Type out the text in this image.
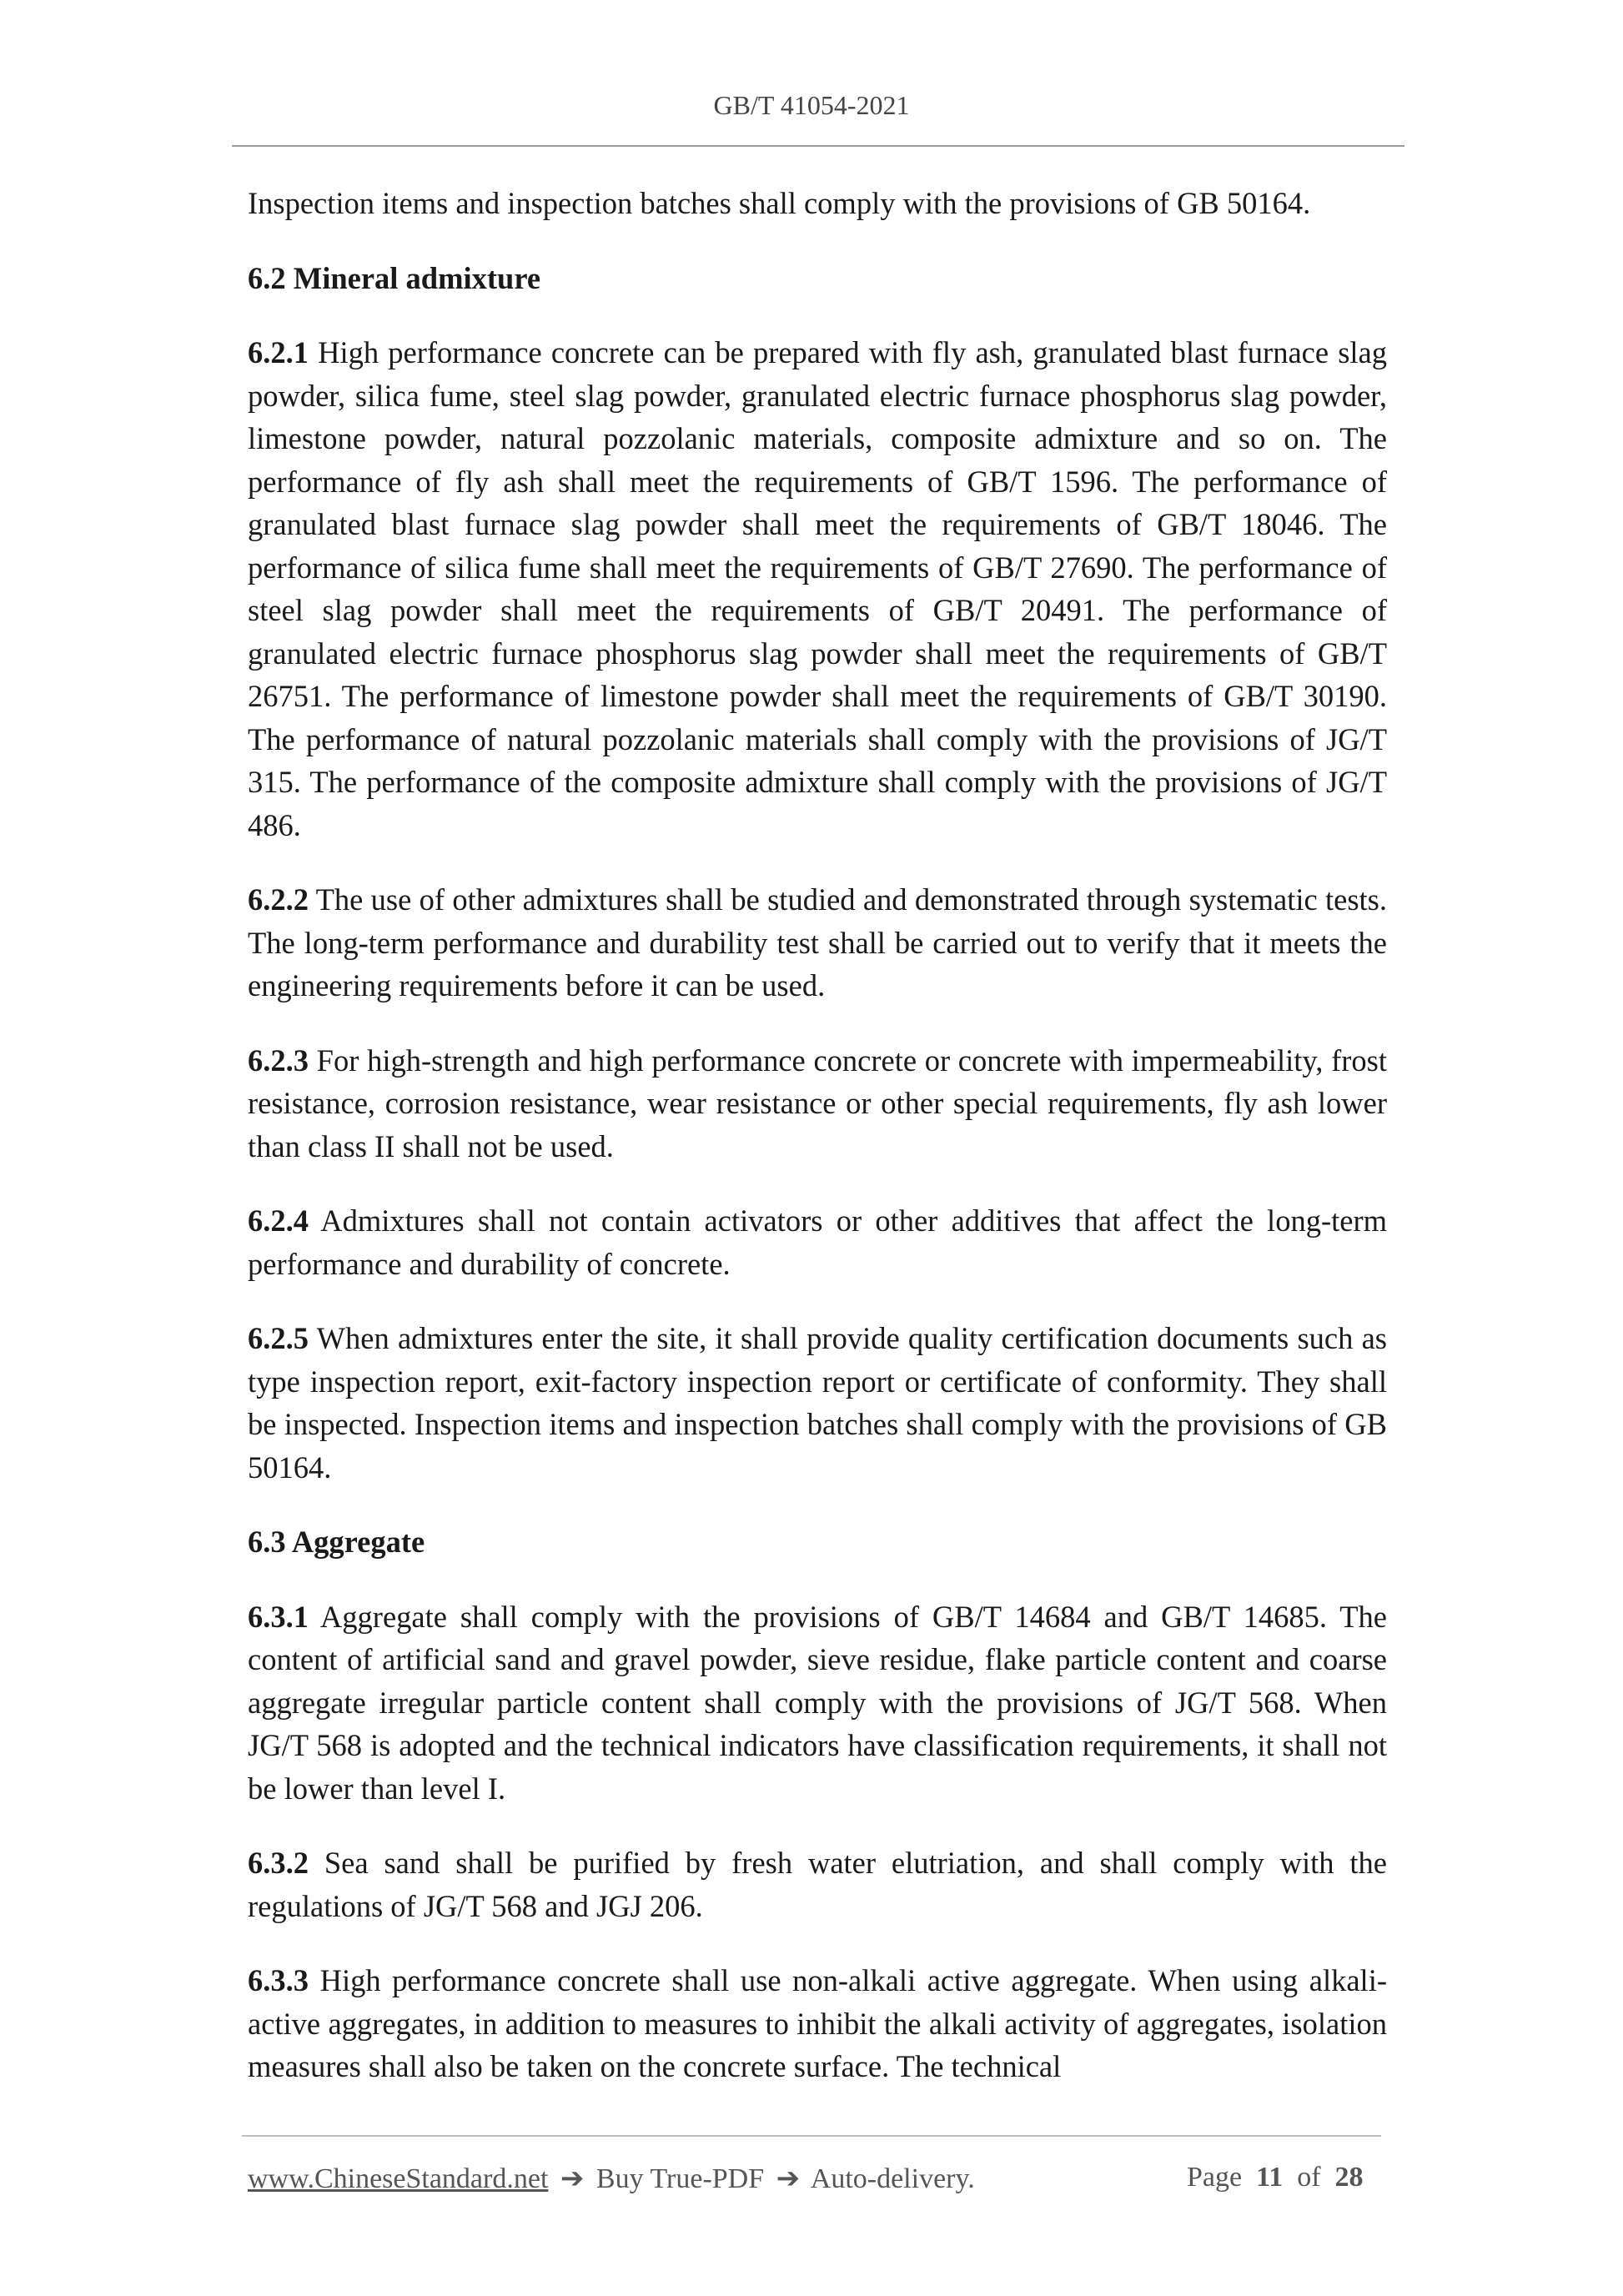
GB/T 41054-2021

Inspection items and inspection batches shall comply with the provisions of GB 50164.

6.2 Mineral admixture

6.2.1 High performance concrete can be prepared with fly ash, granulated blast furnace slag powder, silica fume, steel slag powder, granulated electric furnace phosphorus slag powder, limestone powder, natural pozzolanic materials, composite admixture and so on. The performance of fly ash shall meet the requirements of GB/T 1596. The performance of granulated blast furnace slag powder shall meet the requirements of GB/T 18046. The performance of silica fume shall meet the requirements of GB/T 27690. The performance of steel slag powder shall meet the requirements of GB/T 20491. The performance of granulated electric furnace phosphorus slag powder shall meet the requirements of GB/T 26751. The performance of limestone powder shall meet the requirements of GB/T 30190. The performance of natural pozzolanic materials shall comply with the provisions of JG/T 315. The performance of the composite admixture shall comply with the provisions of JG/T 486.

6.2.2 The use of other admixtures shall be studied and demonstrated through systematic tests. The long-term performance and durability test shall be carried out to verify that it meets the engineering requirements before it can be used.

6.2.3 For high-strength and high performance concrete or concrete with impermeability, frost resistance, corrosion resistance, wear resistance or other special requirements, fly ash lower than class II shall not be used.

6.2.4 Admixtures shall not contain activators or other additives that affect the long-term performance and durability of concrete.

6.2.5 When admixtures enter the site, it shall provide quality certification documents such as type inspection report, exit-factory inspection report or certificate of conformity. They shall be inspected. Inspection items and inspection batches shall comply with the provisions of GB 50164.

6.3 Aggregate

6.3.1 Aggregate shall comply with the provisions of GB/T 14684 and GB/T 14685. The content of artificial sand and gravel powder, sieve residue, flake particle content and coarse aggregate irregular particle content shall comply with the provisions of JG/T 568. When JG/T 568 is adopted and the technical indicators have classification requirements, it shall not be lower than level I.

6.3.2 Sea sand shall be purified by fresh water elutriation, and shall comply with the regulations of JG/T 568 and JGJ 206.

6.3.3 High performance concrete shall use non-alkali active aggregate. When using alkali-active aggregates, in addition to measures to inhibit the alkali activity of aggregates, isolation measures shall also be taken on the concrete surface. The technical

www.ChineseStandard.net ➔ Buy True-PDF ➔ Auto-delivery.	Page 11 of 28
